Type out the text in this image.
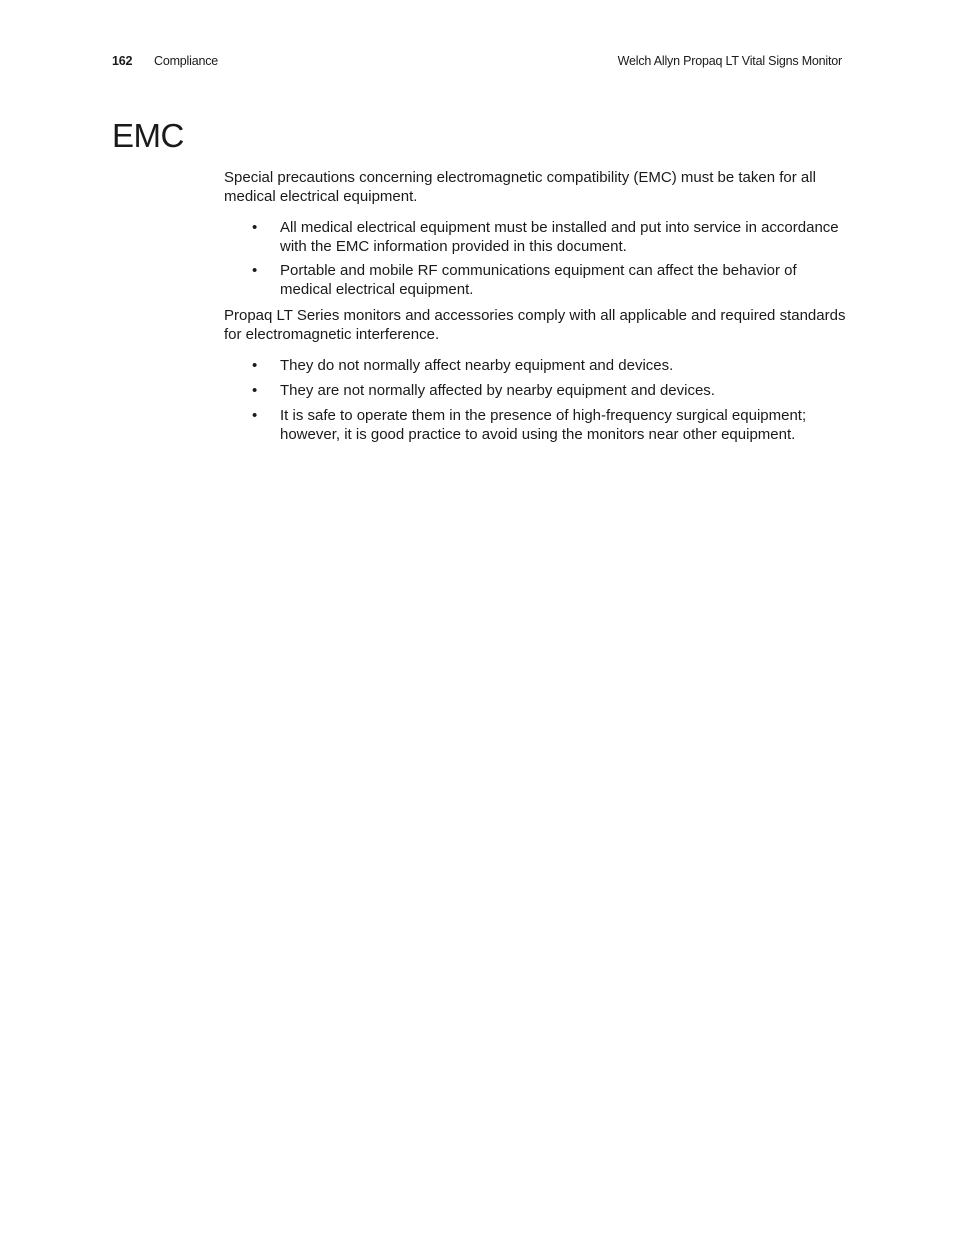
162 Compliance	Welch Allyn Propaq LT Vital Signs Monitor
EMC

Special precautions concerning electromagnetic compatibility (EMC) must be taken for all medical electrical equipment.

• All medical electrical equipment must be installed and put into service in accordance with the EMC information provided in this document.
• Portable and mobile RF communications equipment can affect the behavior of medical electrical equipment.

Propaq LT Series monitors and accessories comply with all applicable and required standards for electromagnetic interference.

• They do not normally affect nearby equipment and devices.
• They are not normally affected by nearby equipment and devices.
• It is safe to operate them in the presence of high-frequency surgical equipment; however, it is good practice to avoid using the monitors near other equipment.
